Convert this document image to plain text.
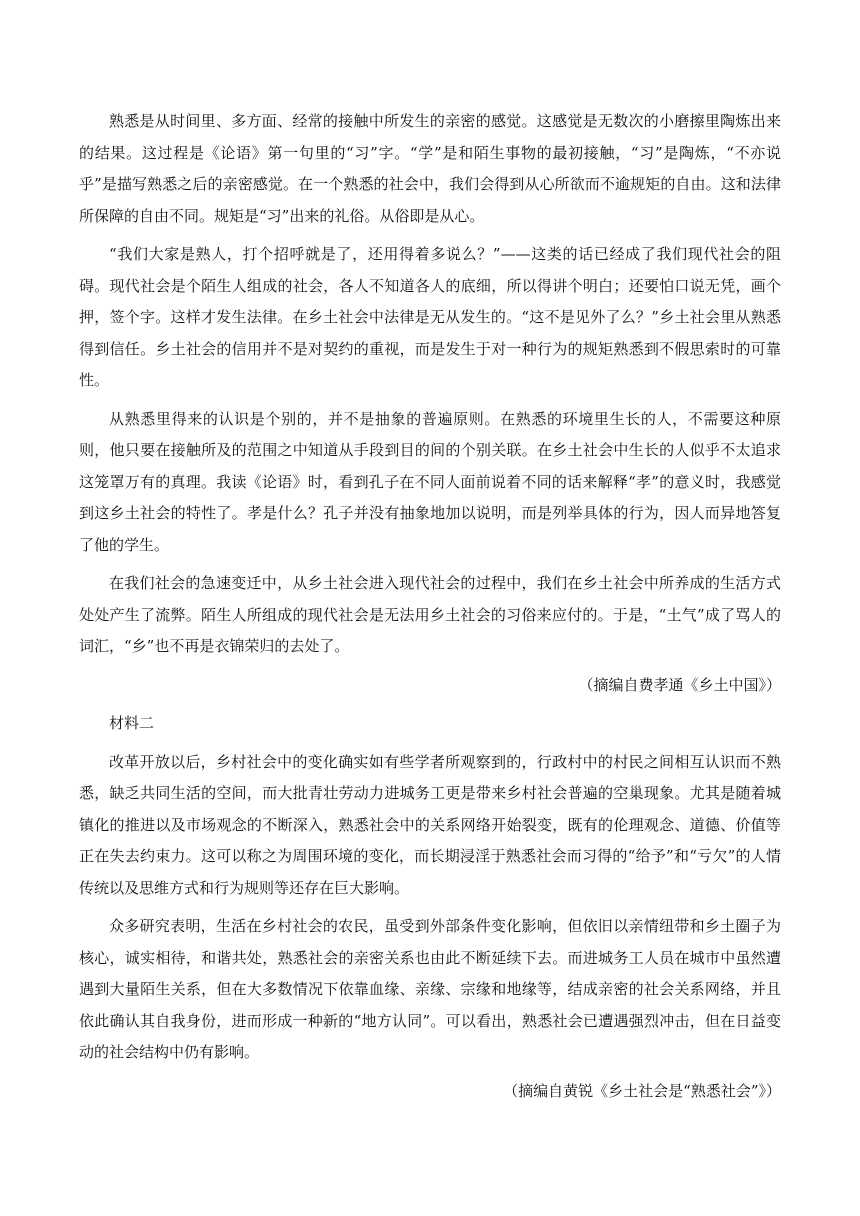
熟悉是从时间里、多方面、经常的接触中所发生的亲密的感觉。这感觉是无数次的小磨擦里陶炼出来的结果。这过程是《论语》第一句里的“习”字。“学”是和陌生事物的最初接触，“习”是陶炼，“不亦说乎”是描写熟悉之后的亲密感觉。在一个熟悉的社会中，我们会得到从心所欲而不逾规矩的自由。这和法律所保障的自由不同。规矩是“习”出来的礼俗。从俗即是从心。

“我们大家是熟人，打个招呼就是了，还用得着多说么？”——这类的话已经成了我们现代社会的阻碍。现代社会是个陌生人组成的社会，各人不知道各人的底细，所以得讲个明白；还要怕口说无凭，画个押，签个字。这样才发生法律。在乡土社会中法律是无从发生的。“这不是见外了么？”乡土社会里从熟悉得到信任。乡土社会的信用并不是对契约的重视，而是发生于对一种行为的规矩熟悉到不假思索时的可靠性。

从熟悉里得来的认识是个别的，并不是抽象的普遍原则。在熟悉的环境里生长的人，不需要这种原则，他只要在接触所及的范围之中知道从手段到目的间的个别关联。在乡土社会中生长的人似乎不太追求这笼罩万有的真理。我读《论语》时，看到孔子在不同人面前说着不同的话来解释“孝”的意义时，我感觉到这乡土社会的特性了。孝是什么？孔子并没有抽象地加以说明，而是列举具体的行为，因人而异地答复了他的学生。

在我们社会的急速变迁中，从乡土社会进入现代社会的过程中，我们在乡土社会中所养成的生活方式处处产生了流弊。陌生人所组成的现代社会是无法用乡土社会的习俗来应付的。于是，“土气”成了骂人的词汇，“乡”也不再是衣锦荣归的去处了。

（摘编自费孝通《乡土中国》）

材料二

改革开放以后，乡村社会中的变化确实如有些学者所观察到的，行政村中的村民之间相互认识而不熟悉，缺乏共同生活的空间，而大批青壮劳动力进城务工更是带来乡村社会普遍的空巢现象。尤其是随着城镇化的推进以及市场观念的不断深入，熟悉社会中的关系网络开始裂变，既有的伦理观念、道德、价值等正在失去约束力。这可以称之为周围环境的变化，而长期浸淫于熟悉社会而习得的“给予”和“亏欠”的人情传统以及思维方式和行为规则等还存在巨大影响。

众多研究表明，生活在乡村社会的农民，虽受到外部条件变化影响，但依旧以亲情纽带和乡土圈子为核心，诚实相待，和谐共处，熟悉社会的亲密关系也由此不断延续下去。而进城务工人员在城市中虽然遭遇到大量陌生关系，但在大多数情况下依靠血缘、亲缘、宗缘和地缘等，结成亲密的社会关系网络，并且依此确认其自我身份，进而形成一种新的“地方认同”。可以看出，熟悉社会已遭遇强烈冲击，但在日益变动的社会结构中仍有影响。

（摘编自黄锐《乡土社会是“熟悉社会”》）
